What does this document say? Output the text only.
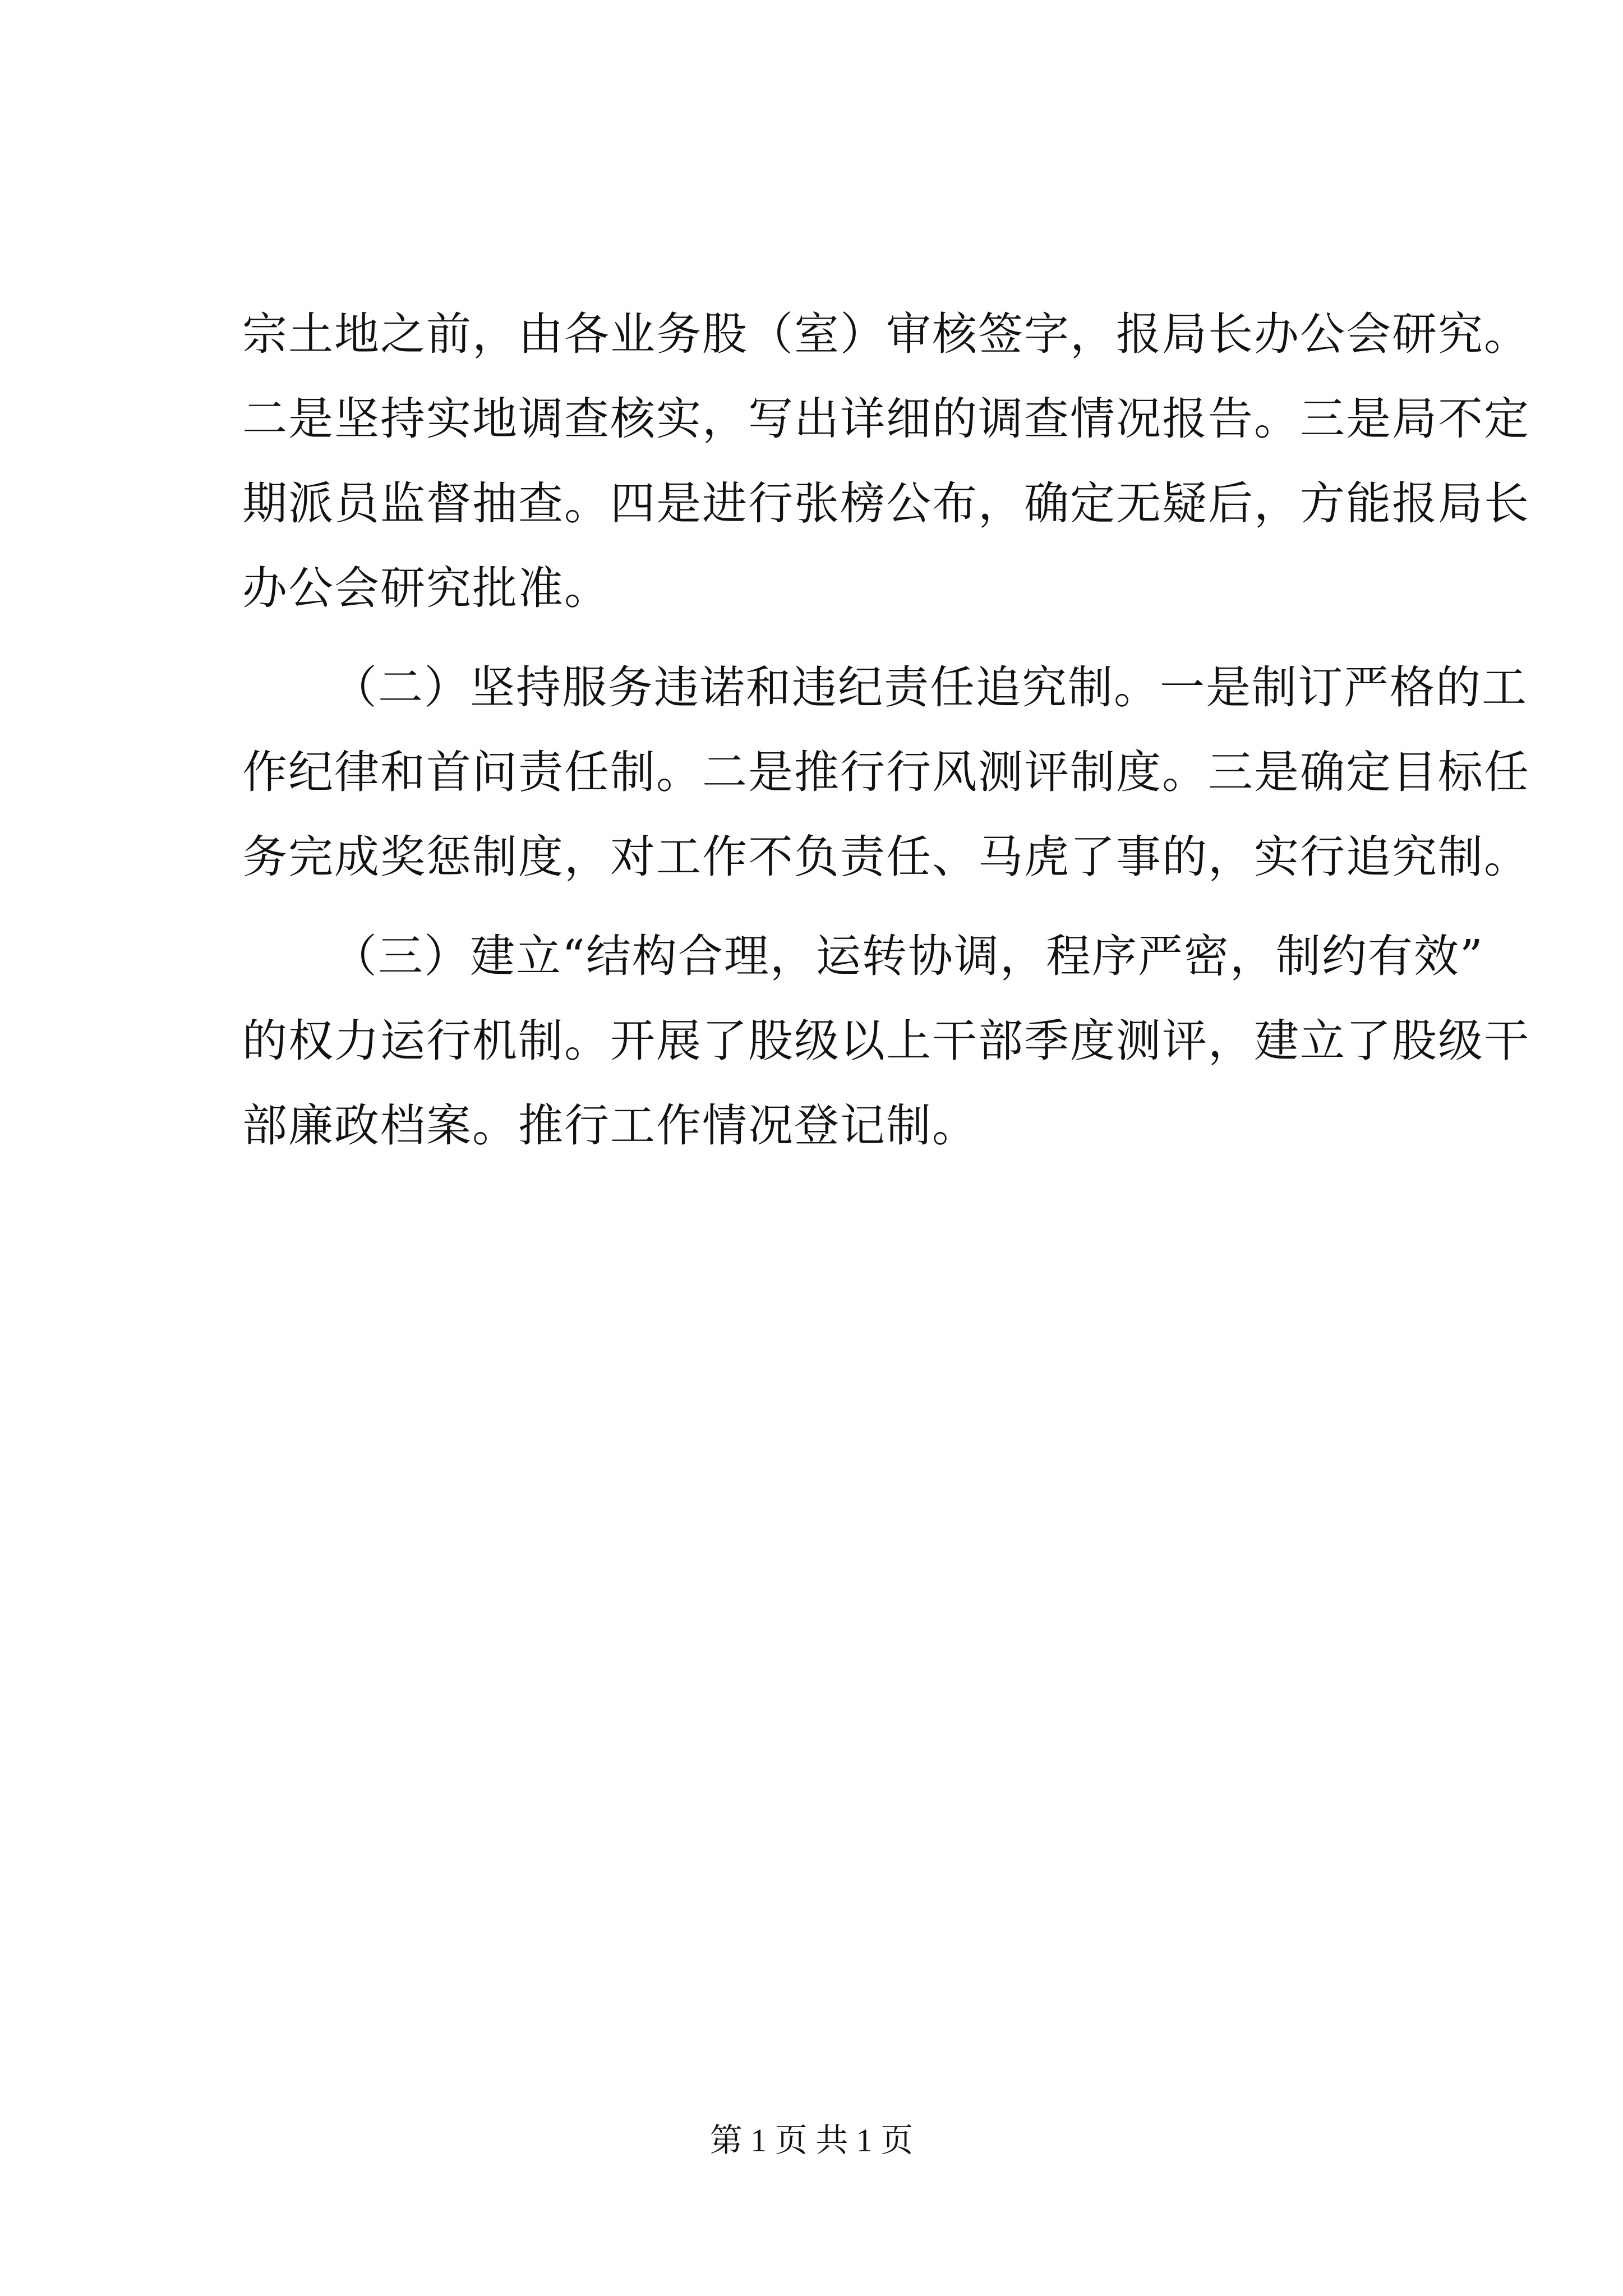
宗土地之前，由各业务股（室）审核签字，报局长办公会研究。
二是坚持实地调查核实，写出详细的调查情况报告。三是局不定
期派员监督抽查。四是进行张榜公布，确定无疑后，方能报局长
办公会研究批准。
（二）坚持服务违诺和违纪责任追究制。一是制订严格的工
作纪律和首问责任制。二是推行行风测评制度。三是确定目标任
务完成奖惩制度，对工作不负责任、马虎了事的，实行追究制。
（三）建立“结构合理，运转协调，程序严密，制约有效”
的权力运行机制。开展了股级以上干部季度测评，建立了股级干
部廉政档案。推行工作情况登记制。
第 1 页 共 1 页
